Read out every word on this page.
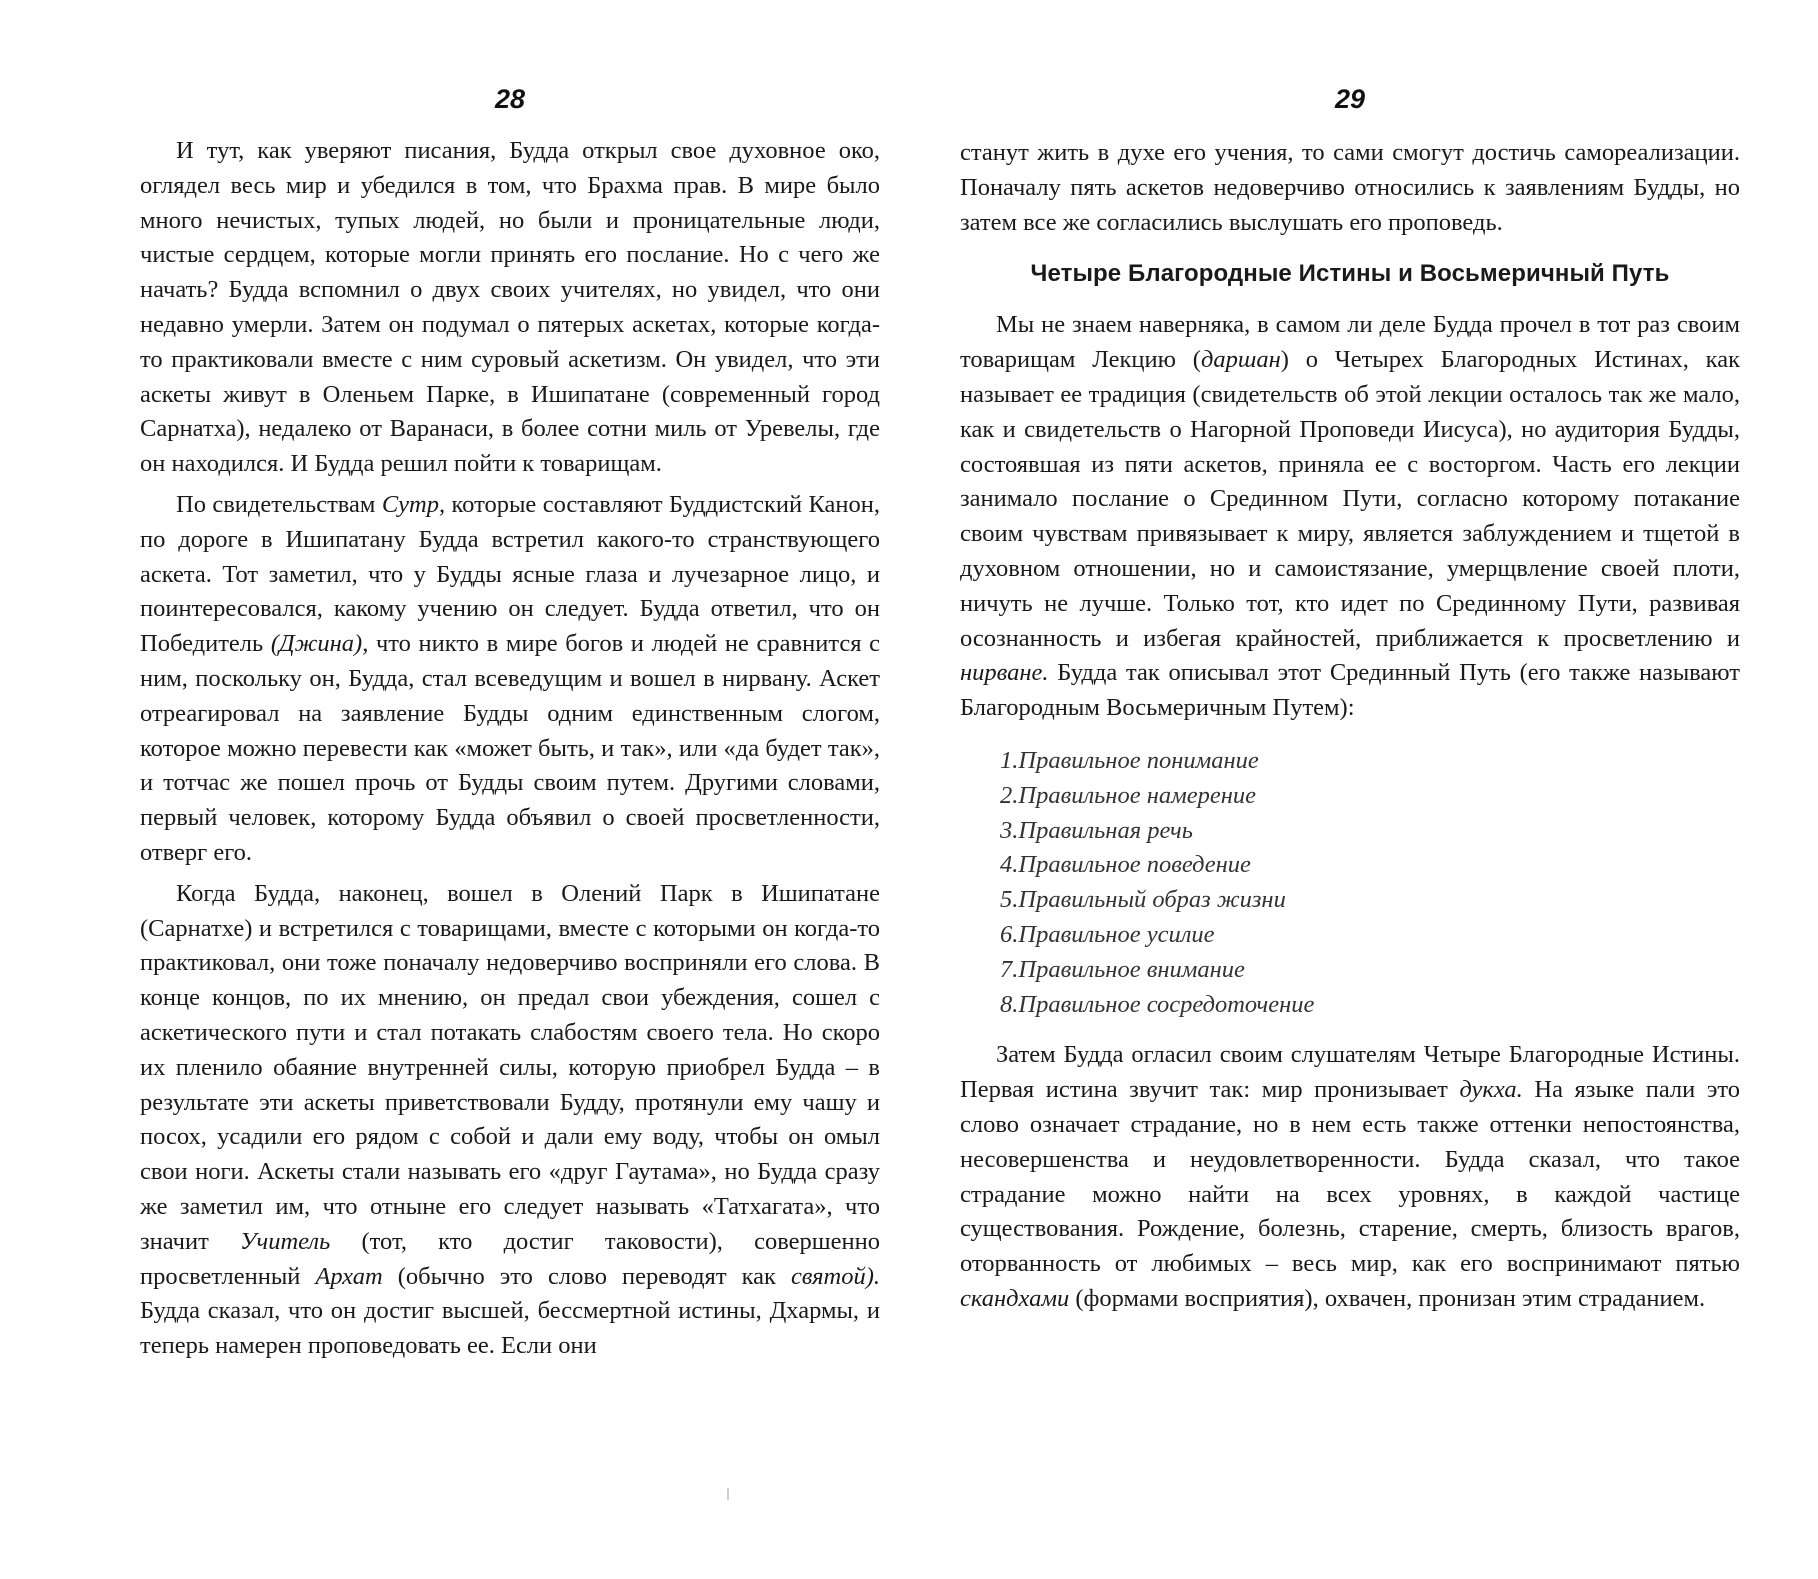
28

И тут, как уверяют писания, Будда открыл свое духовное око, оглядел весь мир и убедился в том, что Брахма прав. В мире было много нечистых, тупых людей, но были и проницательные люди, чистые сердцем, которые могли принять его послание. Но с чего же начать? Будда вспомнил о двух своих учителях, но увидел, что они недавно умерли. Затем он подумал о пятерых аскетах, которые когда-то практиковали вместе с ним суровый аскетизм. Он увидел, что эти аскеты живут в Оленьем Парке, в Ишипатане (современный город Сарнатха), недалеко от Варанаси, в более сотни миль от Уревелы, где он находился. И Будда решил пойти к товарищам.

По свидетельствам Сутр, которые составляют Буддистский Канон, по дороге в Ишипатану Будда встретил какого-то странствующего аскета. Тот заметил, что у Будды ясные глаза и лучезарное лицо, и поинтересовался, какому учению он следует. Будда ответил, что он Победитель (Джина), что никто в мире богов и людей не сравнится с ним, поскольку он, Будда, стал всеведущим и вошел в нирвану. Аскет отреагировал на заявление Будды одним единственным слогом, которое можно перевести как «может быть, и так», или «да будет так», и тотчас же пошел прочь от Будды своим путем. Другими словами, первый человек, которому Будда объявил о своей просветленности, отверг его.

Когда Будда, наконец, вошел в Олений Парк в Ишипатане (Сарнатхе) и встретился с товарищами, вместе с которыми он когда-то практиковал, они тоже поначалу недоверчиво восприняли его слова. В конце концов, по их мнению, он предал свои убеждения, сошел с аскетического пути и стал потакать слабостям своего тела. Но скоро их пленило обаяние внутренней силы, которую приобрел Будда – в результате эти аскеты приветствовали Будду, протянули ему чашу и посох, усадили его рядом с собой и дали ему воду, чтобы он омыл свои ноги. Аскеты стали называть его «друг Гаутама», но Будда сразу же заметил им, что отныне его следует называть «Татхагата», что значит Учитель (тот, кто достиг таковости), совершенно просветленный Архат (обычно это слово переводят как святой). Будда сказал, что он достиг высшей, бессмертной истины, Дхармы, и теперь намерен проповедовать ее. Если они

29

станут жить в духе его учения, то сами смогут достичь самореализации. Поначалу пять аскетов недоверчиво относились к заявлениям Будды, но затем все же согласились выслушать его проповедь.

Четыре Благородные Истины и Восьмеричный Путь

Мы не знаем наверняка, в самом ли деле Будда прочел в тот раз своим товарищам Лекцию (даршан) о Четырех Благородных Истинах, как называет ее традиция (свидетельств об этой лекции осталось так же мало, как и свидетельств о Нагорной Проповеди Иисуса), но аудитория Будды, состоявшая из пяти аскетов, приняла ее с восторгом. Часть его лекции занимало послание о Срединном Пути, согласно которому потакание своим чувствам привязывает к миру, является заблуждением и тщетой в духовном отношении, но и самоистязание, умерщвление своей плоти, ничуть не лучше. Только тот, кто идет по Срединному Пути, развивая осознанность и избегая крайностей, приближается к просветлению и нирване. Будда так описывал этот Срединный Путь (его также называют Благородным Восьмеричным Путем):

1.Правильное понимание
2.Правильное намерение
3.Правильная речь
4.Правильное поведение
5.Правильный образ жизни
6.Правильное усилие
7.Правильное внимание
8.Правильное сосредоточение

Затем Будда огласил своим слушателям Четыре Благородные Истины. Первая истина звучит так: мир пронизывает дукха. На языке пали это слово означает страдание, но в нем есть также оттенки непостоянства, несовершенства и неудовлетворенности. Будда сказал, что такое страдание можно найти на всех уровнях, в каждой частице существования. Рождение, болезнь, старение, смерть, близость врагов, оторванность от любимых – весь мир, как его воспринимают пятью скандхами (формами восприятия), охвачен, пронизан этим страданием.
